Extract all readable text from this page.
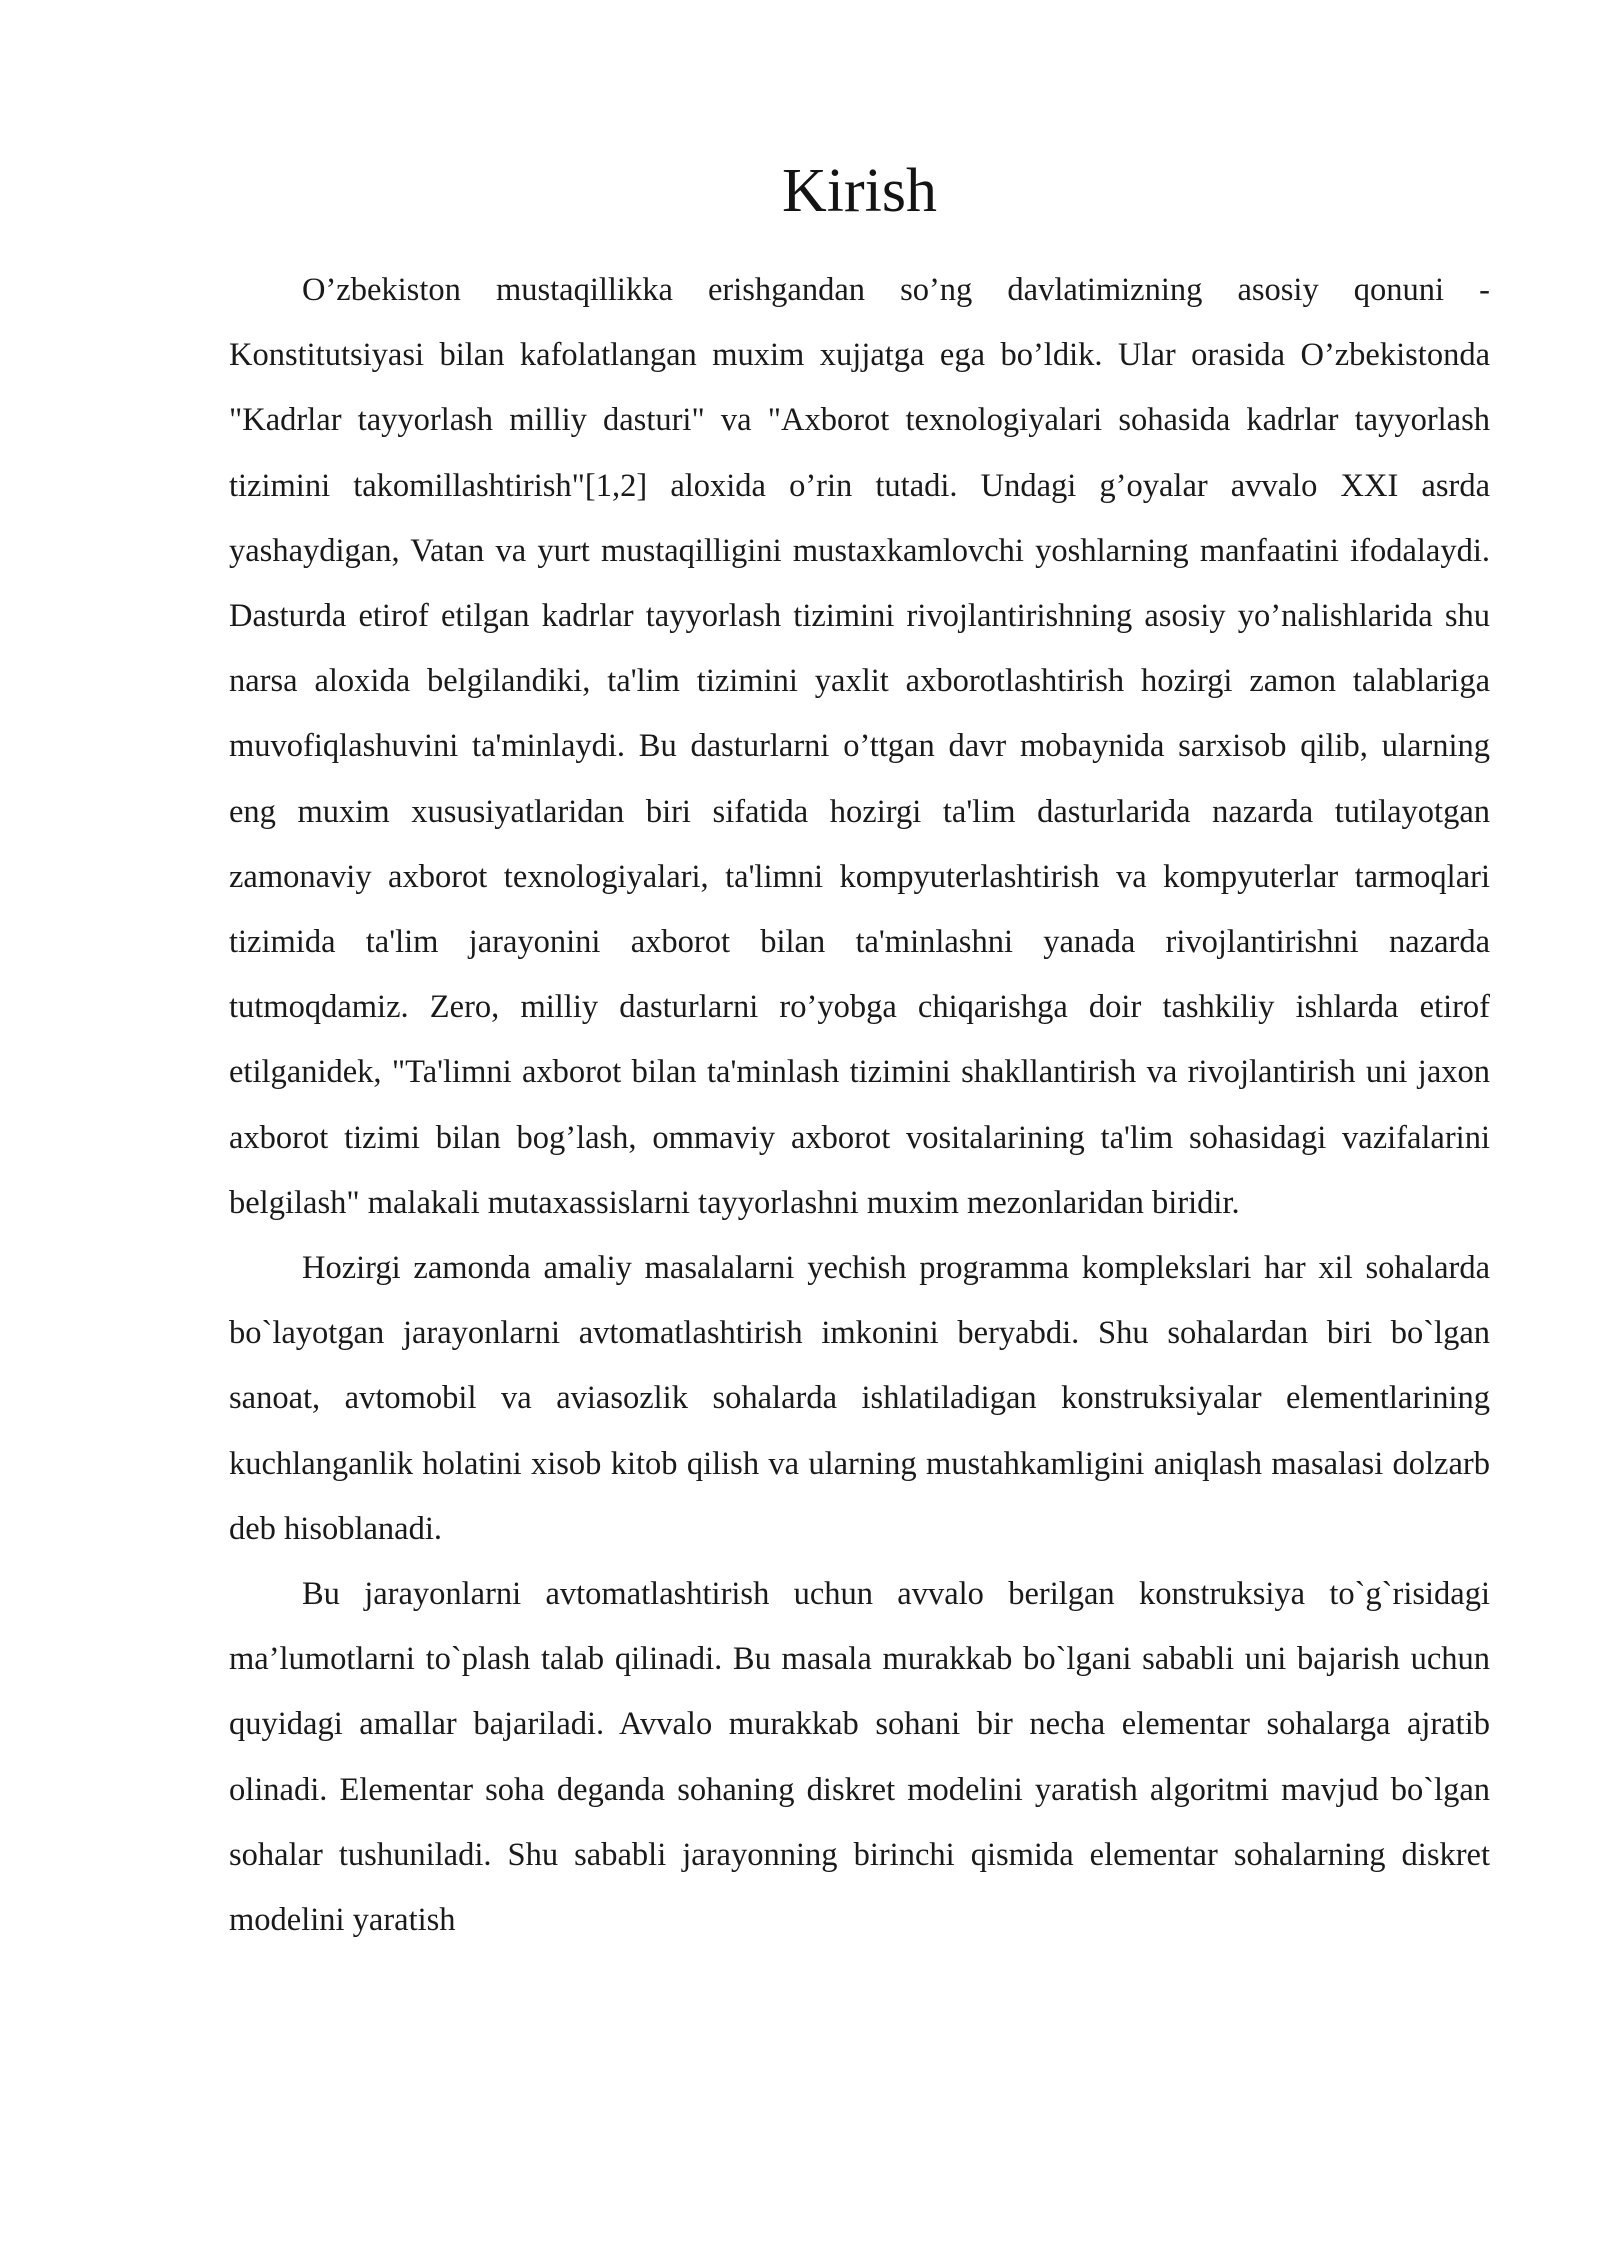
Kirish

O’zbekiston mustaqillikka erishgandan so’ng davlatimizning asosiy qonuni - Konstitutsiyasi bilan kafolatlangan muxim xujjatga ega bo’ldik. Ular orasida O’zbekistonda "Kadrlar tayyorlash milliy dasturi" va "Axborot texnologiyalari sohasida kadrlar tayyorlash tizimini takomillashtirish"[1,2] aloxida o’rin tutadi. Undagi g’oyalar avvalo XXI asrda yashaydigan, Vatan va yurt mustaqilligini mustaxkamlovchi yoshlarning manfaatini ifodalaydi. Dasturda etirof etilgan kadrlar tayyorlash tizimini rivojlantirishning asosiy yo’nalishlarida shu narsa aloxida belgilandiki, ta'lim tizimini yaxlit axborotlashtirish hozirgi zamon talablariga muvofiqlashuvini ta'minlaydi. Bu dasturlarni o’ttgan davr mobaynida sarxisob qilib, ularning eng muxim xususiyatlaridan biri sifatida hozirgi ta'lim dasturlarida nazarda tutilayotgan zamonaviy axborot texnologiyalari, ta'limni kompyuterlashtirish va kompyuterlar tarmoqlari tizimida ta'lim jarayonini axborot bilan ta'minlashni yanada rivojlantirishni nazarda tutmoqdamiz. Zero, milliy dasturlarni ro’yobga chiqarishga doir tashkiliy ishlarda etirof etilganidek, "Ta'limni axborot bilan ta'minlash tizimini shakllantirish va rivojlantirish uni jaxon axborot tizimi bilan bog’lash, ommaviy axborot vositalarining ta'lim sohasidagi vazifalarini belgilash" malakali mutaxassislarni tayyorlashni muxim mezonlaridan biridir.

Hozirgi zamonda amaliy masalalarni yechish programma komplekslari har xil sohalarda bo`layotgan jarayonlarni avtomatlashtirish imkonini beryabdi. Shu sohalardan biri bo`lgan sanoat, avtomobil va aviasozlik sohalarda ishlatiladigan konstruksiyalar elementlarining kuchlanganlik holatini xisob kitob qilish va ularning mustahkamligini aniqlash masalasi dolzarb deb hisoblanadi.

Bu jarayonlarni avtomatlashtirish uchun avvalo berilgan konstruksiya to`g`risidagi ma’lumotlarni to`plash talab qilinadi. Bu masala murakkab bo`lgani sababli uni bajarish uchun quyidagi amallar bajariladi. Avvalo murakkab sohani bir necha elementar sohalarga ajratib olinadi. Elementar soha deganda sohaning diskret modelini yaratish algoritmi mavjud bo`lgan sohalar tushuniladi. Shu sababli jarayonning birinchi qismida elementar sohalarning diskret modelini yaratish
